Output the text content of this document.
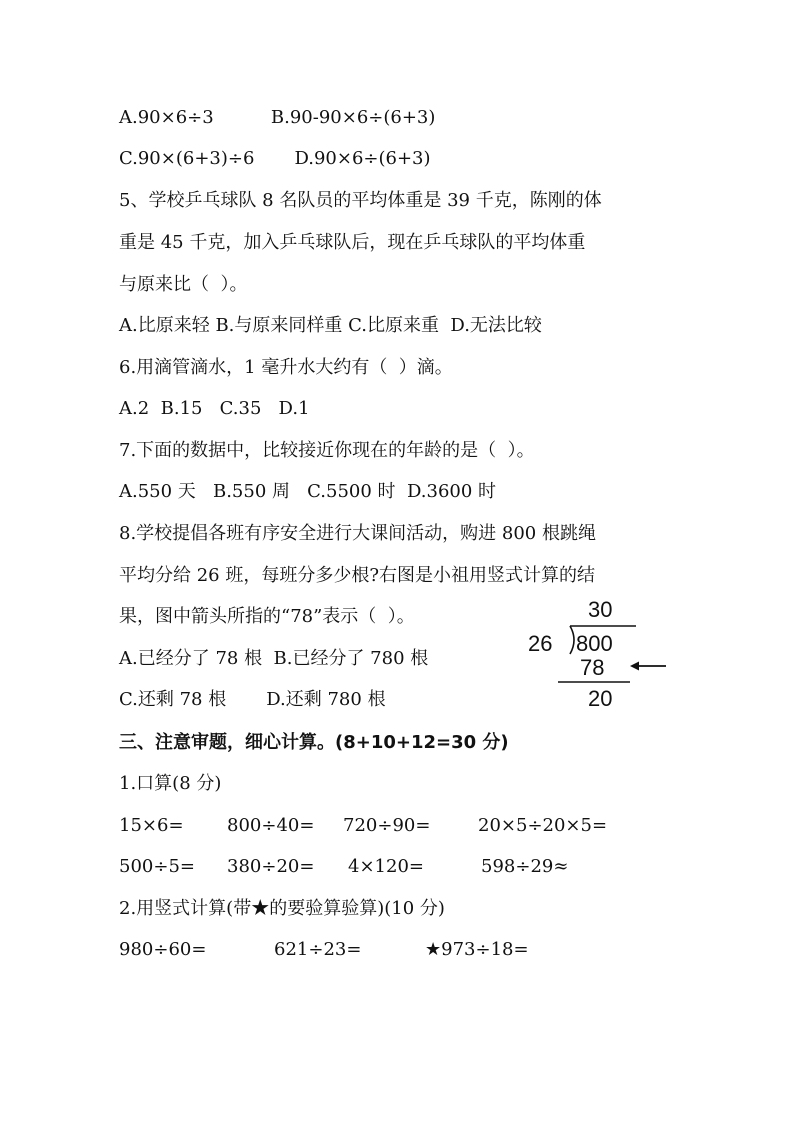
A.90×6÷3          B.90-90×6÷(6+3)
C.90×(6+3)÷6       D.90×6÷(6+3)
5、学校乒乓球队 8 名队员的平均体重是 39 千克，陈刚的体
重是 45 千克，加入乒乓球队后，现在乒乓球队的平均体重
与原来比（  ）。
A.比原来轻 B.与原来同样重 C.比原来重  D.无法比较
6.用滴管滴水，1 毫升水大约有（  ）滴。
A.2  B.15   C.35   D.1
7.下面的数据中，比较接近你现在的年龄的是（  ）。
A.550 天   B.550 周   C.5500 时  D.3600 时
8.学校提倡各班有序安全进行大课间活动，购进 800 根跳绳
平均分给 26 班，每班分多少根?右图是小祖用竖式计算的结
果，图中箭头所指的“78”表示（  ）。
A.已经分了 78 根  B.已经分了 780 根
C.还剩 78 根       D.还剩 780 根
30
26 800
78
20
三、注意审题，细心计算。(8+10+12=30 分)
1.口算(8 分)
15×6= 800÷40= 720÷90=	20×5÷20×5=
500÷5= 380÷20= 4×120=	598÷29≈
2.用竖式计算(带★的要验算验算)(10 分)
980÷60=	621÷23=	★973÷18=
